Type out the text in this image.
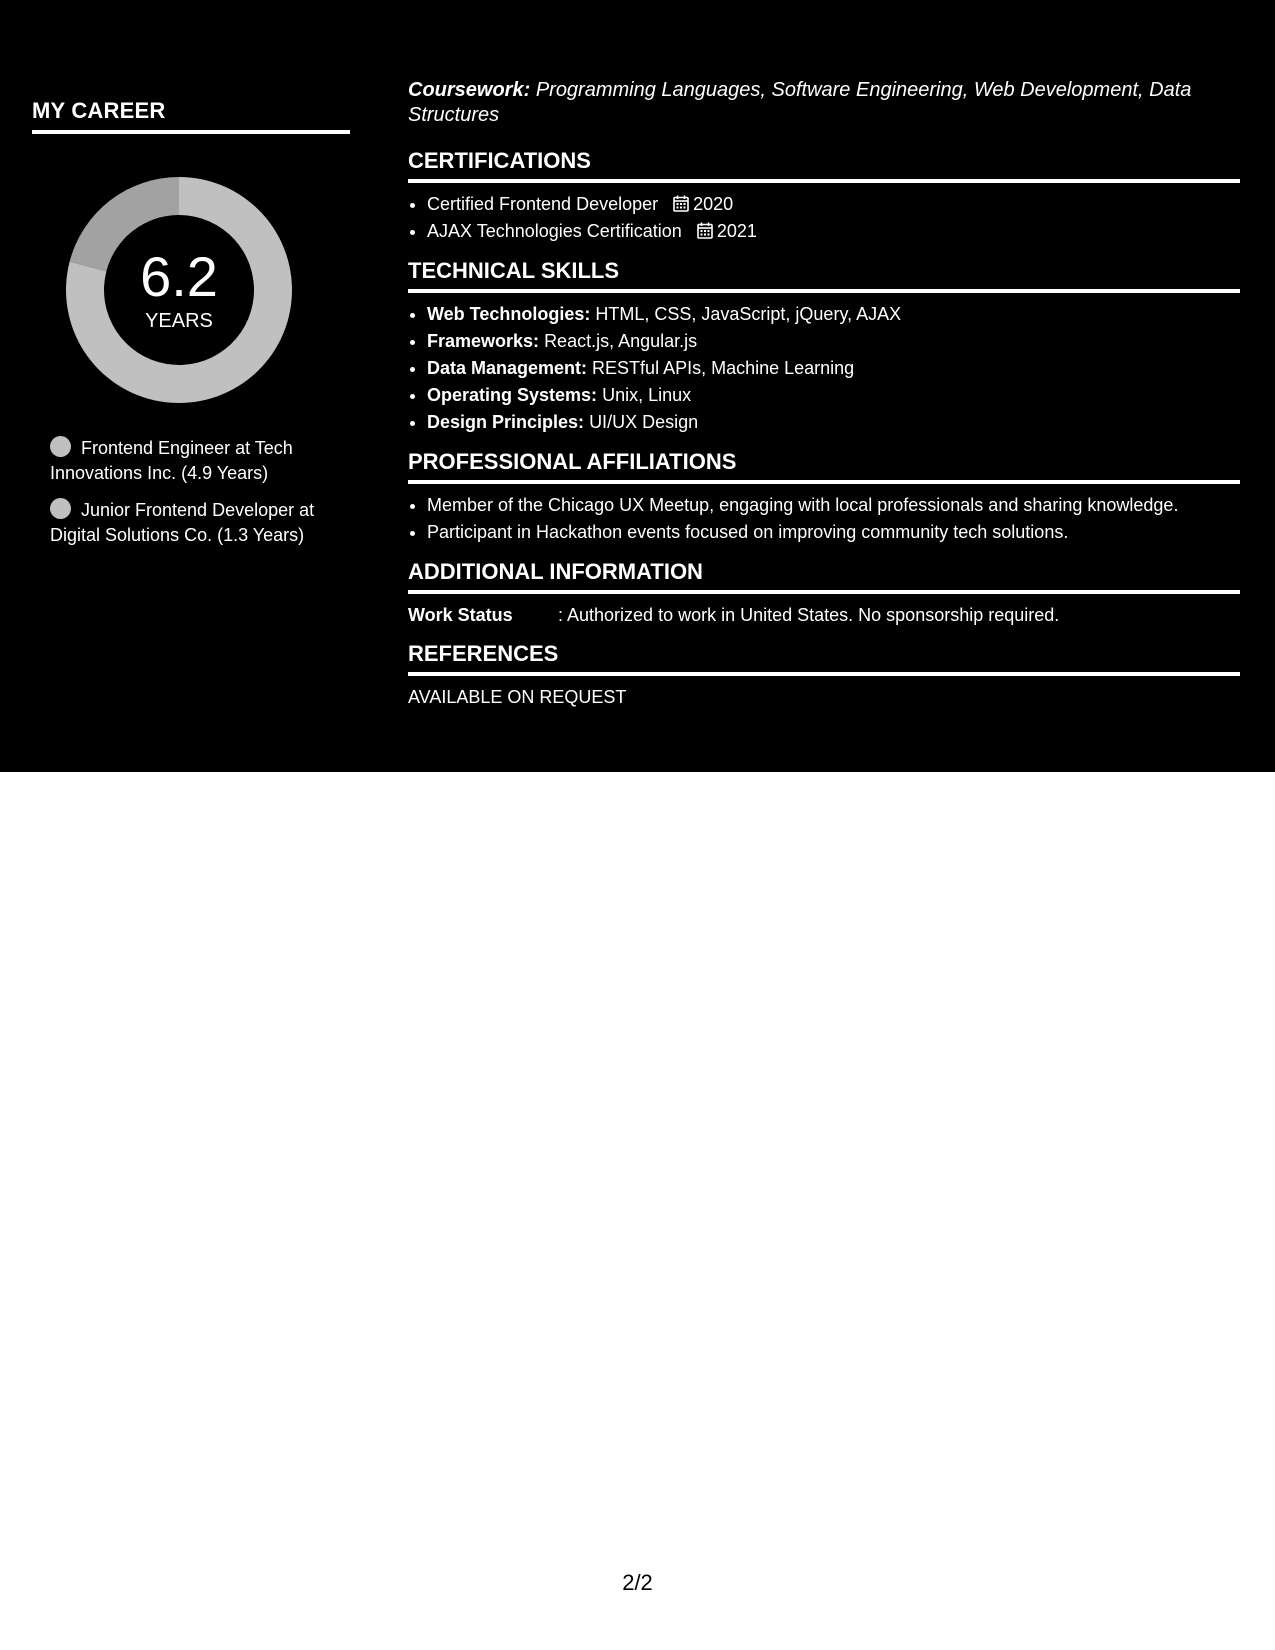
MY CAREER
6.2
YEARS
Frontend Engineer at Tech Innovations Inc. (4.9 Years)
Junior Frontend Developer at Digital Solutions Co. (1.3 Years)
Coursework: Programming Languages, Software Engineering, Web Development, Data Structures
CERTIFICATIONS
• Certified Frontend Developer 2020
• AJAX Technologies Certification 2021
TECHNICAL SKILLS
• Web Technologies: HTML, CSS, JavaScript, jQuery, AJAX
• Frameworks: React.js, Angular.js
• Data Management: RESTful APIs, Machine Learning
• Operating Systems: Unix, Linux
• Design Principles: UI/UX Design
PROFESSIONAL AFFILIATIONS
• Member of the Chicago UX Meetup, engaging with local professionals and sharing knowledge.
• Participant in Hackathon events focused on improving community tech solutions.
ADDITIONAL INFORMATION
Work Status	: Authorized to work in United States. No sponsorship required.
REFERENCES
AVAILABLE ON REQUEST
2/2
